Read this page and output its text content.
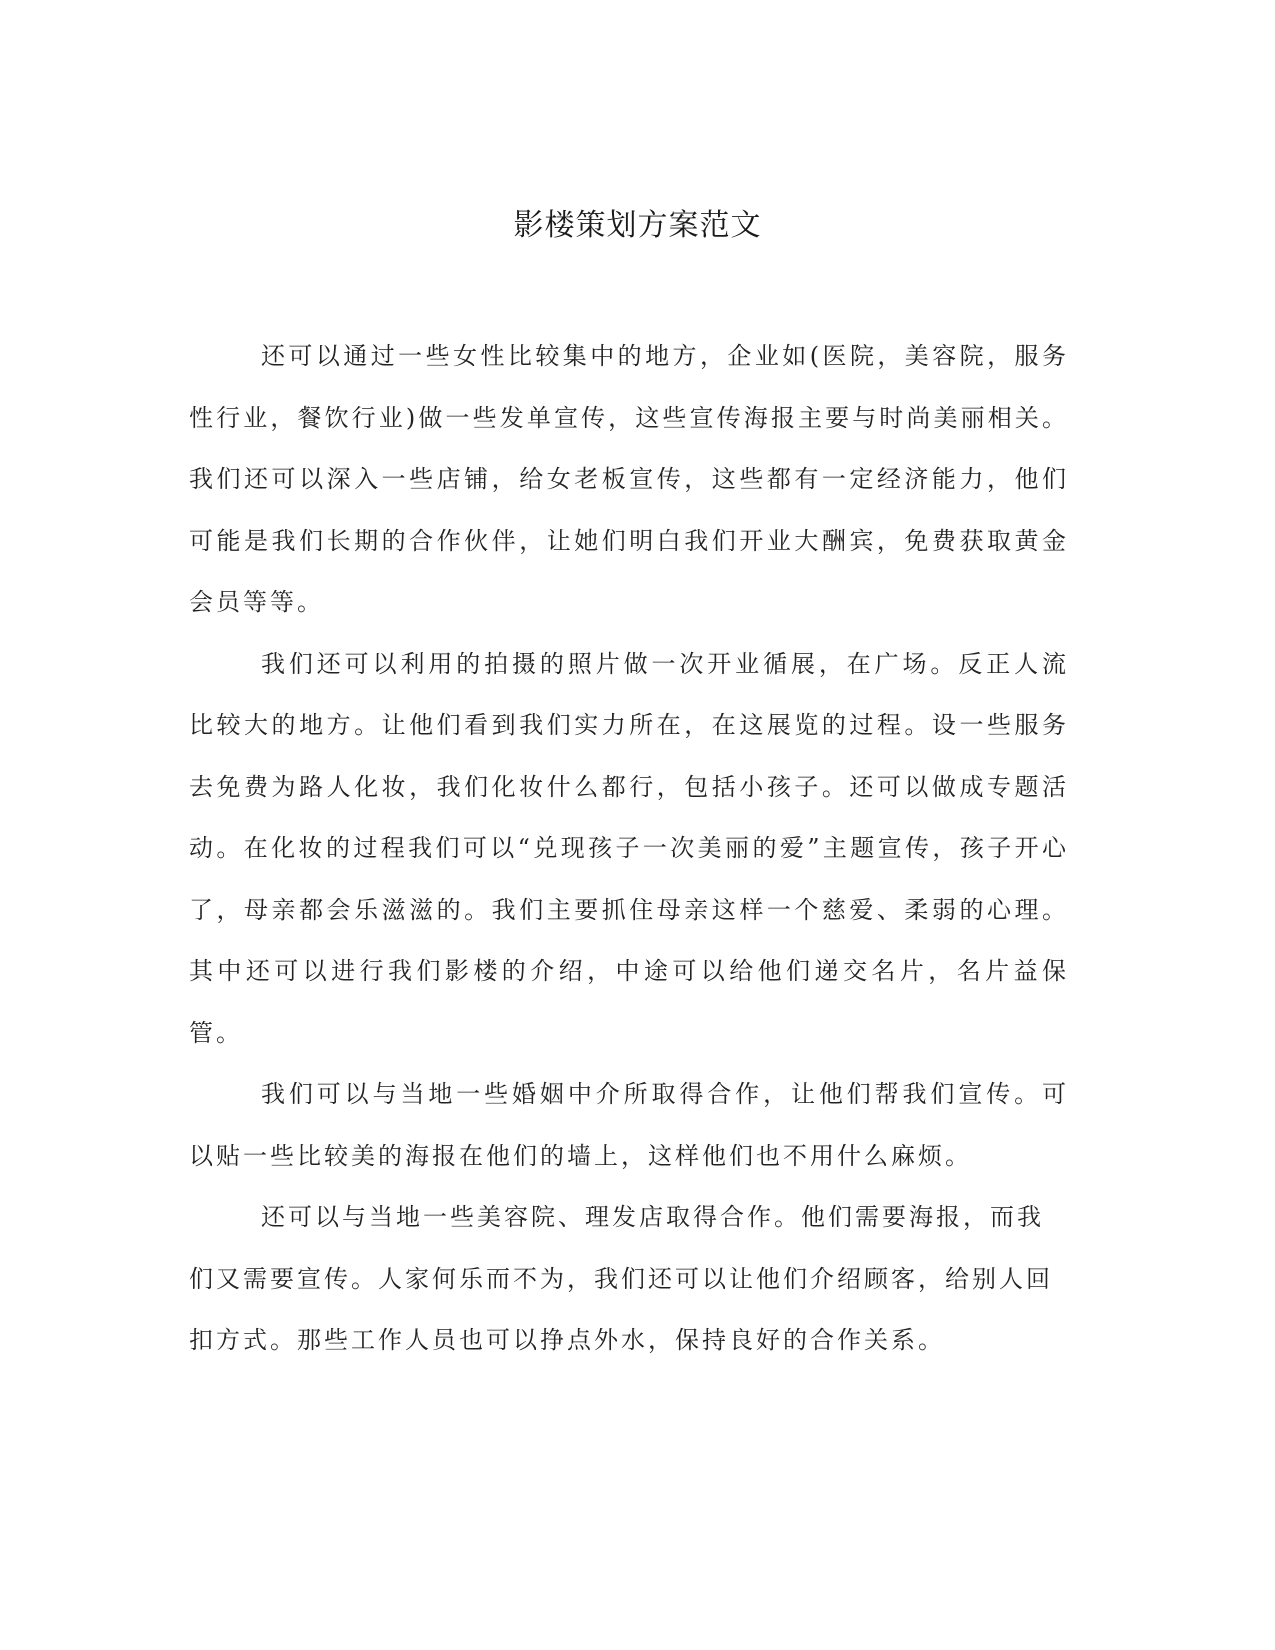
影楼策划方案范文

还可以通过一些女性比较集中的地方，企业如(医院，美容院，服务性行业，餐饮行业)做一些发单宣传，这些宣传海报主要与时尚美丽相关。我们还可以深入一些店铺，给女老板宣传，这些都有一定经济能力，他们可能是我们长期的合作伙伴，让她们明白我们开业大酬宾，免费获取黄金会员等等。

我们还可以利用的拍摄的照片做一次开业循展，在广场。反正人流比较大的地方。让他们看到我们实力所在，在这展览的过程。设一些服务去免费为路人化妆，我们化妆什么都行，包括小孩子。还可以做成专题活动。在化妆的过程我们可以“兑现孩子一次美丽的爱”主题宣传，孩子开心了，母亲都会乐滋滋的。我们主要抓住母亲这样一个慈爱、柔弱的心理。其中还可以进行我们影楼的介绍，中途可以给他们递交名片，名片益保管。

我们可以与当地一些婚姻中介所取得合作，让他们帮我们宣传。可以贴一些比较美的海报在他们的墙上，这样他们也不用什么麻烦。

还可以与当地一些美容院、理发店取得合作。他们需要海报，而我们又需要宣传。人家何乐而不为，我们还可以让他们介绍顾客，给别人回扣方式。那些工作人员也可以挣点外水，保持良好的合作关系。
